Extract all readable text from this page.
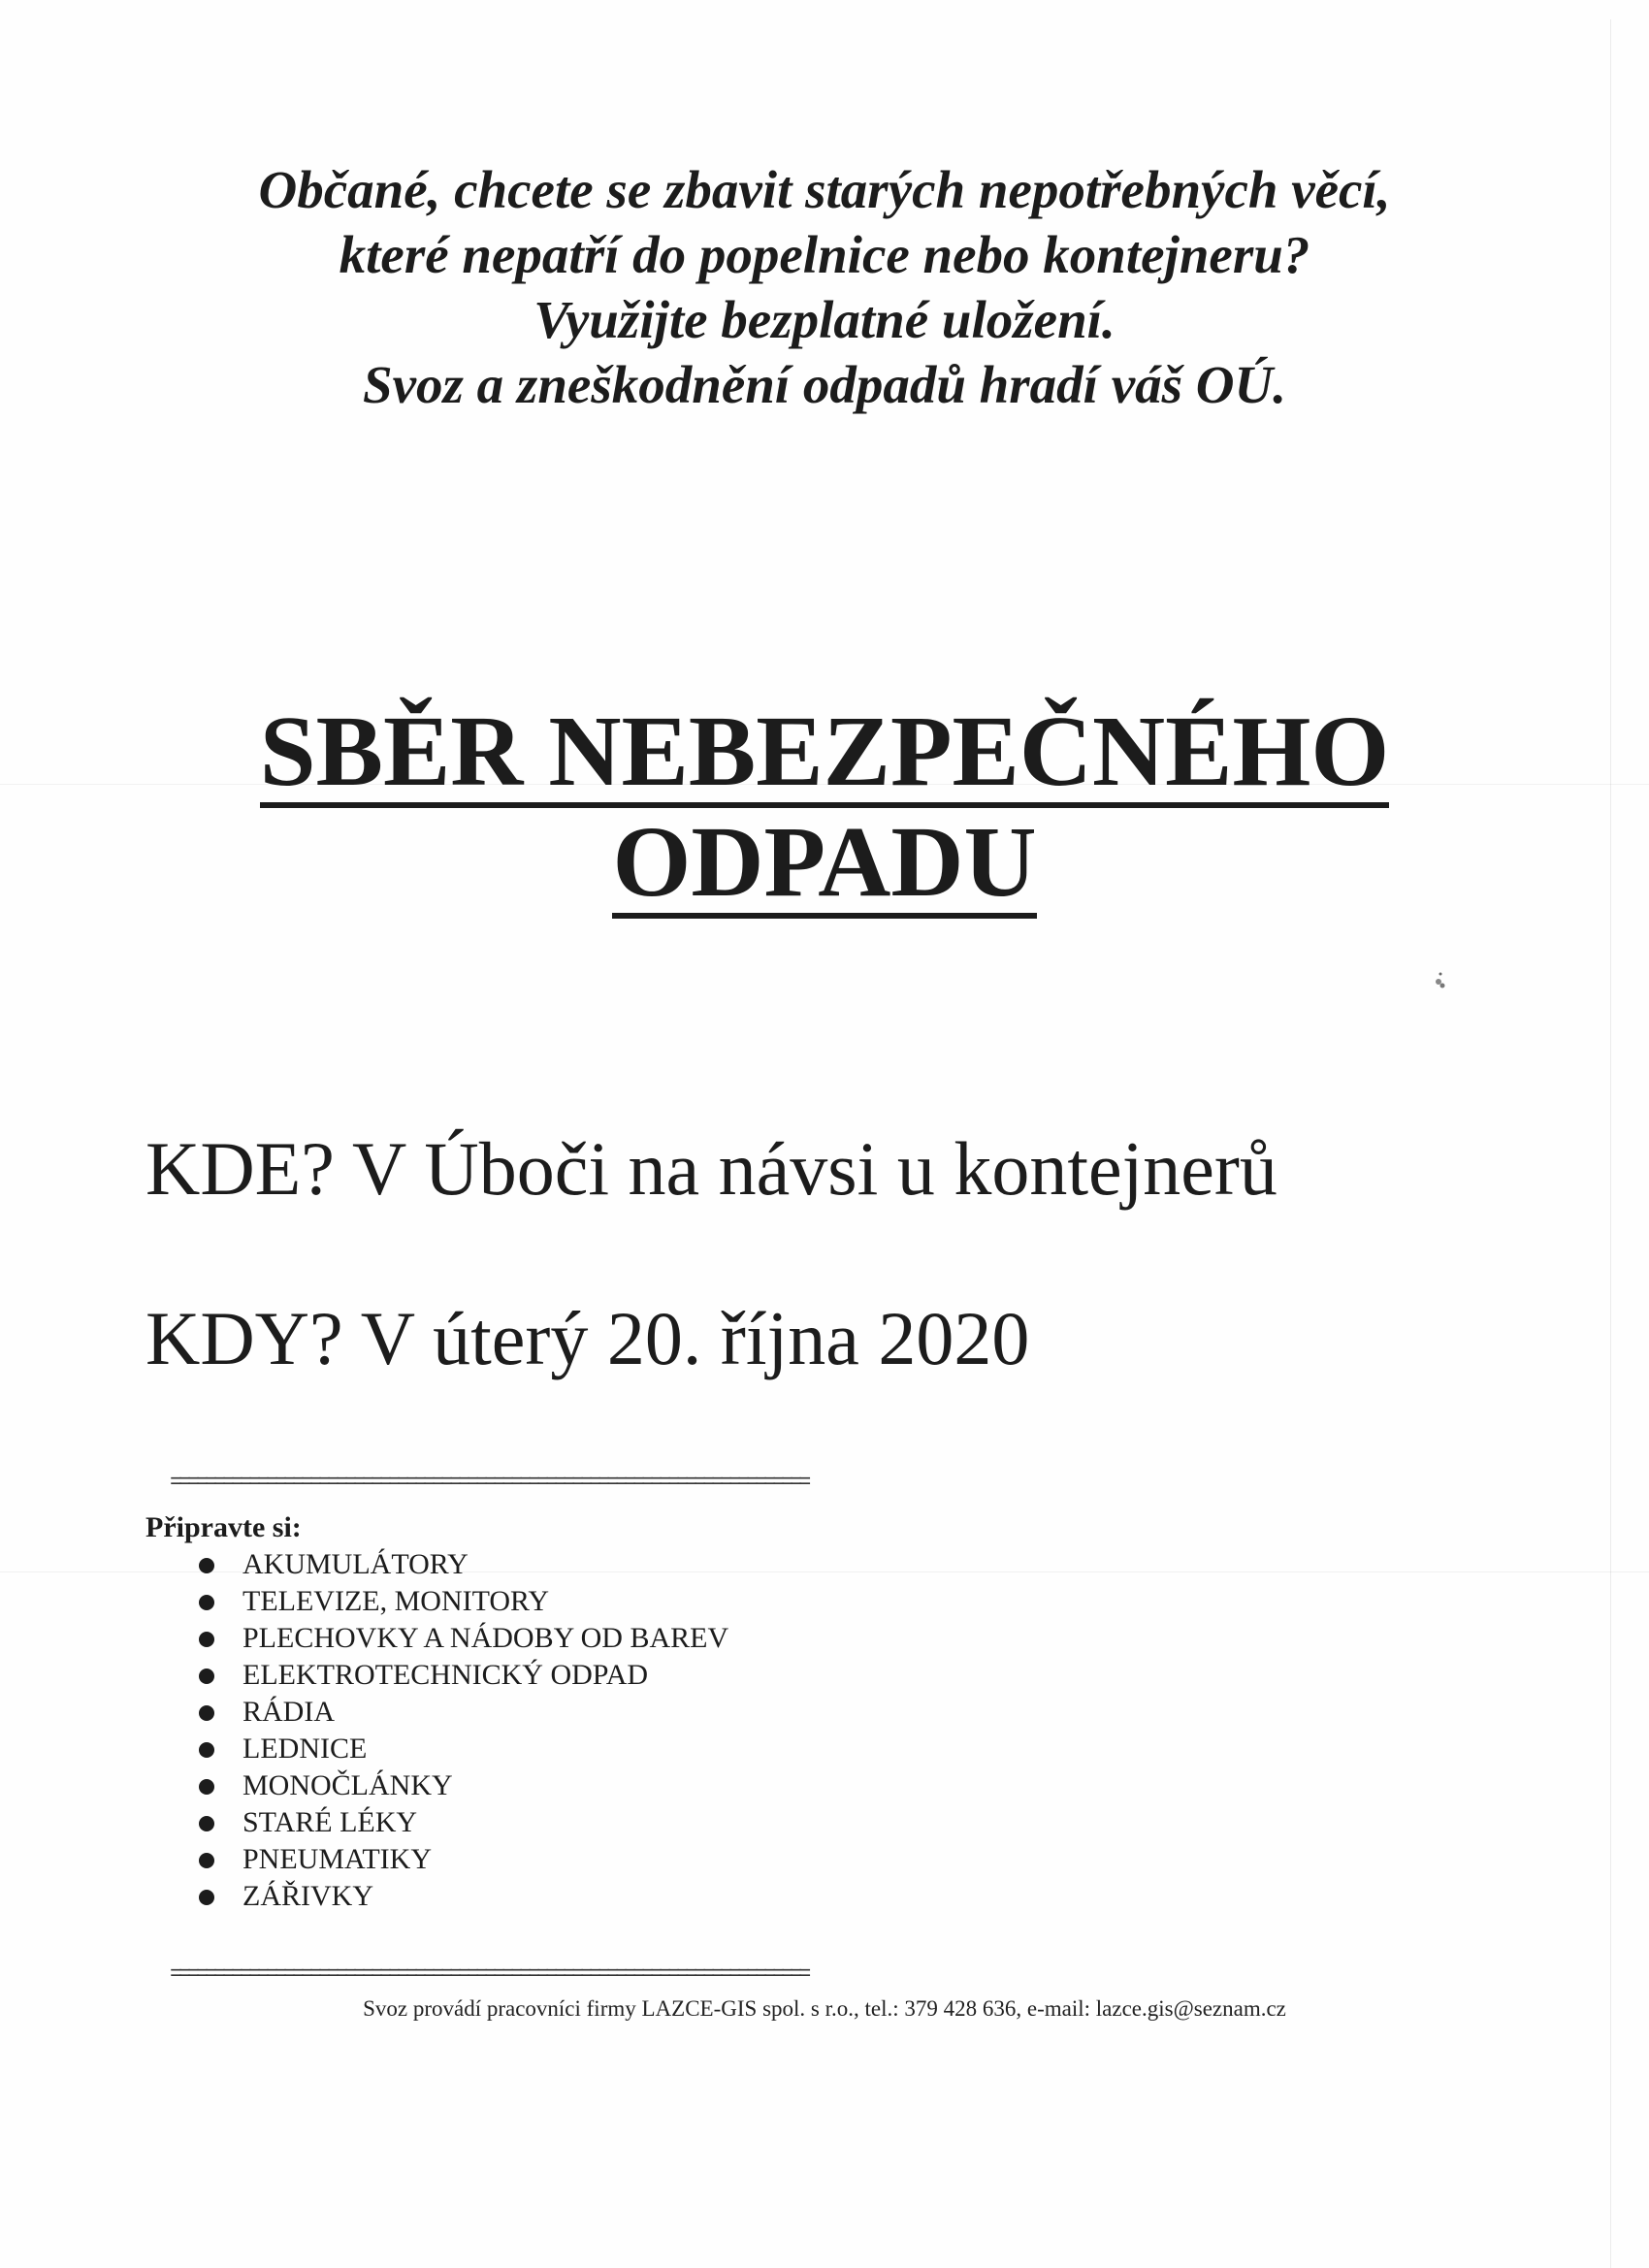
Občané, chcete se zbavit starých nepotřebných věcí,
které nepatří do popelnice nebo kontejneru?
Využijte bezplatné uložení.
Svoz a zneškodnění odpadů hradí váš OÚ.
SBĚR NEBEZPEČNÉHO
ODPADU
KDE? V Úboči na návsi u kontejnerů
KDY? V úterý 20. října 2020
=========================================================================
Připravte si:
AKUMULÁTORY
TELEVIZE, MONITORY
PLECHOVKY A NÁDOBY OD BAREV
ELEKTROTECHNICKÝ ODPAD
RÁDIA
LEDNICE
MONOČLÁNKY
STARÉ LÉKY
PNEUMATIKY
ZÁŘIVKY
=========================================================================
Svoz provádí pracovníci firmy LAZCE-GIS spol. s r.o., tel.: 379 428 636, e-mail: lazce.gis@seznam.cz
